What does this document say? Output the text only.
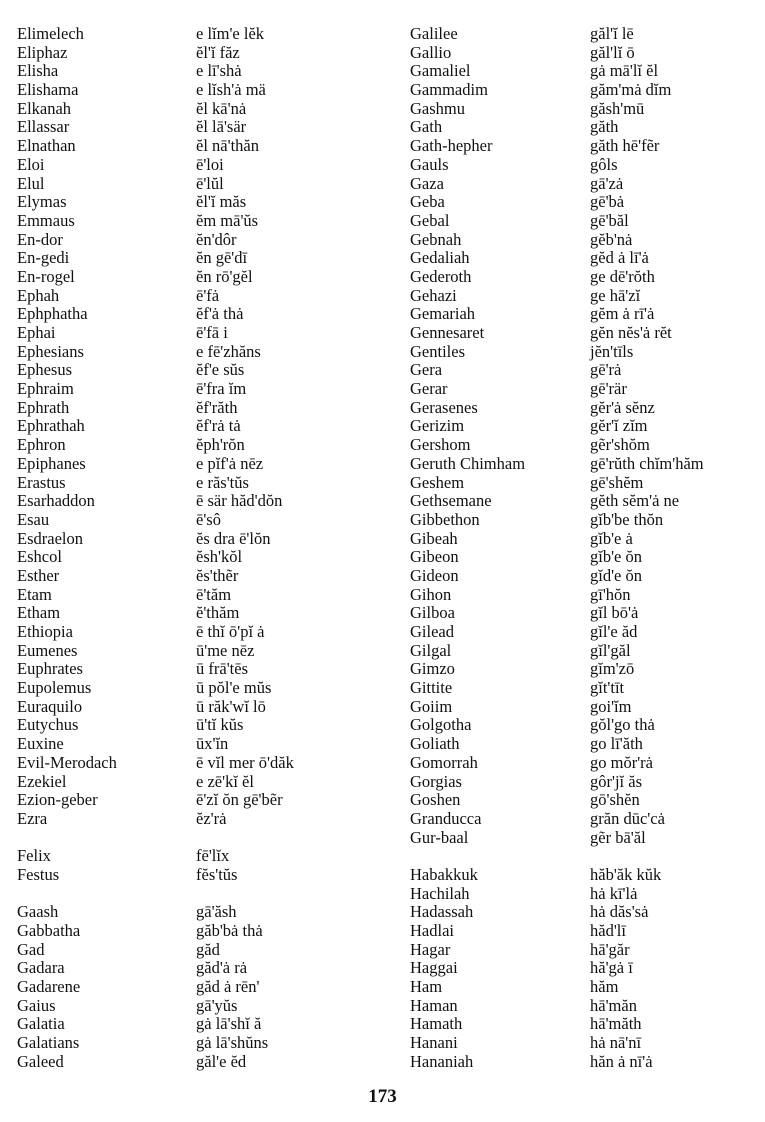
Elimelech	e lĭm'e lĕk
Eliphaz	ĕl'ĭ făz
Elisha	e lī'shȧ
Elishama	e lĭsh'ȧ mä
Elkanah	ĕl kā'nȧ
Ellassar	ĕl lā'sär
Elnathan	ĕl nā'thăn
Eloi	ē'loi
Elul	ē'lŭl
Elymas	ĕl'ĭ măs
Emmaus	ĕm mā'ŭs
En-dor	ĕn'dôr
En-gedi	ĕn gē'dī
En-rogel	ĕn rō'gĕl
Ephah	ē'fȧ
Ephphatha	ĕf'ȧ thȧ
Ephai	ē'fā i
Ephesians	e fē'zhăns
Ephesus	ĕf'e sŭs
Ephraim	ē'fra ĭm
Ephrath	ĕf'răth
Ephrathah	ĕf'rȧ tȧ
Ephron	ĕph'rŏn
Epiphanes	e pĭf'ȧ nēz
Erastus	e răs'tŭs
Esarhaddon	ē sär hăd'dŏn
Esau	ē'sô
Esdraelon	ĕs dra ē'lŏn
Eshcol	ĕsh'kŏl
Esther	ĕs'thẽr
Etam	ē'tăm
Etham	ĕ'thăm
Ethiopia	ē thĭ ō'pĭ ȧ
Eumenes	ū'me nēz
Euphrates	ū frā'tēs
Eupolemus	ū pŏl'e mŭs
Euraquilo	ū răk'wĭ lō
Eutychus	ū'tĭ kŭs
Euxine	ūx'ĭn
Evil-Merodach	ē vĭl mer ō'dăk
Ezekiel	e zē'kĭ ĕl
Ezion-geber	ē'zĭ ŏn gē'bẽr
Ezra	ĕz'rȧ
Felix	fē'lĭx
Festus	fĕs'tŭs
Gaash	gā'ăsh
Gabbatha	găb'bȧ thȧ
Gad	găd
Gadara	găd'ȧ rȧ
Gadarene	găd ȧ rēn'
Gaius	gā'yŭs
Galatia	gȧ lā'shĭ ă
Galatians	gȧ lā'shŭns
Galeed	găl'e ĕd
Galilee	găl'ĭ lē
Gallio	găl'lĭ ō
Gamaliel	gȧ mā'lĭ ĕl
Gammadim	găm'mȧ dĭm
Gashmu	găsh'mū
Gath	găth
Gath-hepher	găth hē'fẽr
Gauls	gôls
Gaza	gā'zȧ
Geba	gē'bȧ
Gebal	gē'băl
Gebnah	gĕb'nȧ
Gedaliah	gĕd ȧ lī'ȧ
Gederoth	ge dē'rŏth
Gehazi	ge hā'zĭ
Gemariah	gĕm ȧ rī'ȧ
Gennesaret	gĕn nĕs'ȧ rĕt
Gentiles	jĕn'tīls
Gera	gē'rȧ
Gerar	gē'rär
Gerasenes	gĕr'ȧ sĕnz
Gerizim	gĕr'ĭ zĭm
Gershom	gẽr'shŏm
Geruth Chimham	gē'rŭth chĭm'hăm
Geshem	gē'shĕm
Gethsemane	gĕth sĕm'ȧ ne
Gibbethon	gĭb'be thŏn
Gibeah	gĭb'e ȧ
Gibeon	gĭb'e ŏn
Gideon	gĭd'e ŏn
Gihon	gī'hŏn
Gilboa	gĭl bō'ȧ
Gilead	gĭl'e ăd
Gilgal	gĭl'găl
Gimzo	gĭm'zō
Gittite	gĭt'tīt
Goiim	goi'ĭm
Golgotha	gŏl'go thȧ
Goliath	go lī'ăth
Gomorrah	go mŏr'rȧ
Gorgias	gôr'jĭ ăs
Goshen	gō'shĕn
Granducca	grăn dūc'cȧ
Gur-baal	gẽr bā'ăl
Habakkuk	hăb'ăk kŭk
Hachilah	hȧ kī'lȧ
Hadassah	hȧ dăs'sȧ
Hadlai	hăd'lī
Hagar	hā'găr
Haggai	hă'gȧ ī
Ham	hăm
Haman	hā'măn
Hamath	hā'măth
Hanani	hȧ nā'nī
Hananiah	hăn ȧ nī'ȧ
173
